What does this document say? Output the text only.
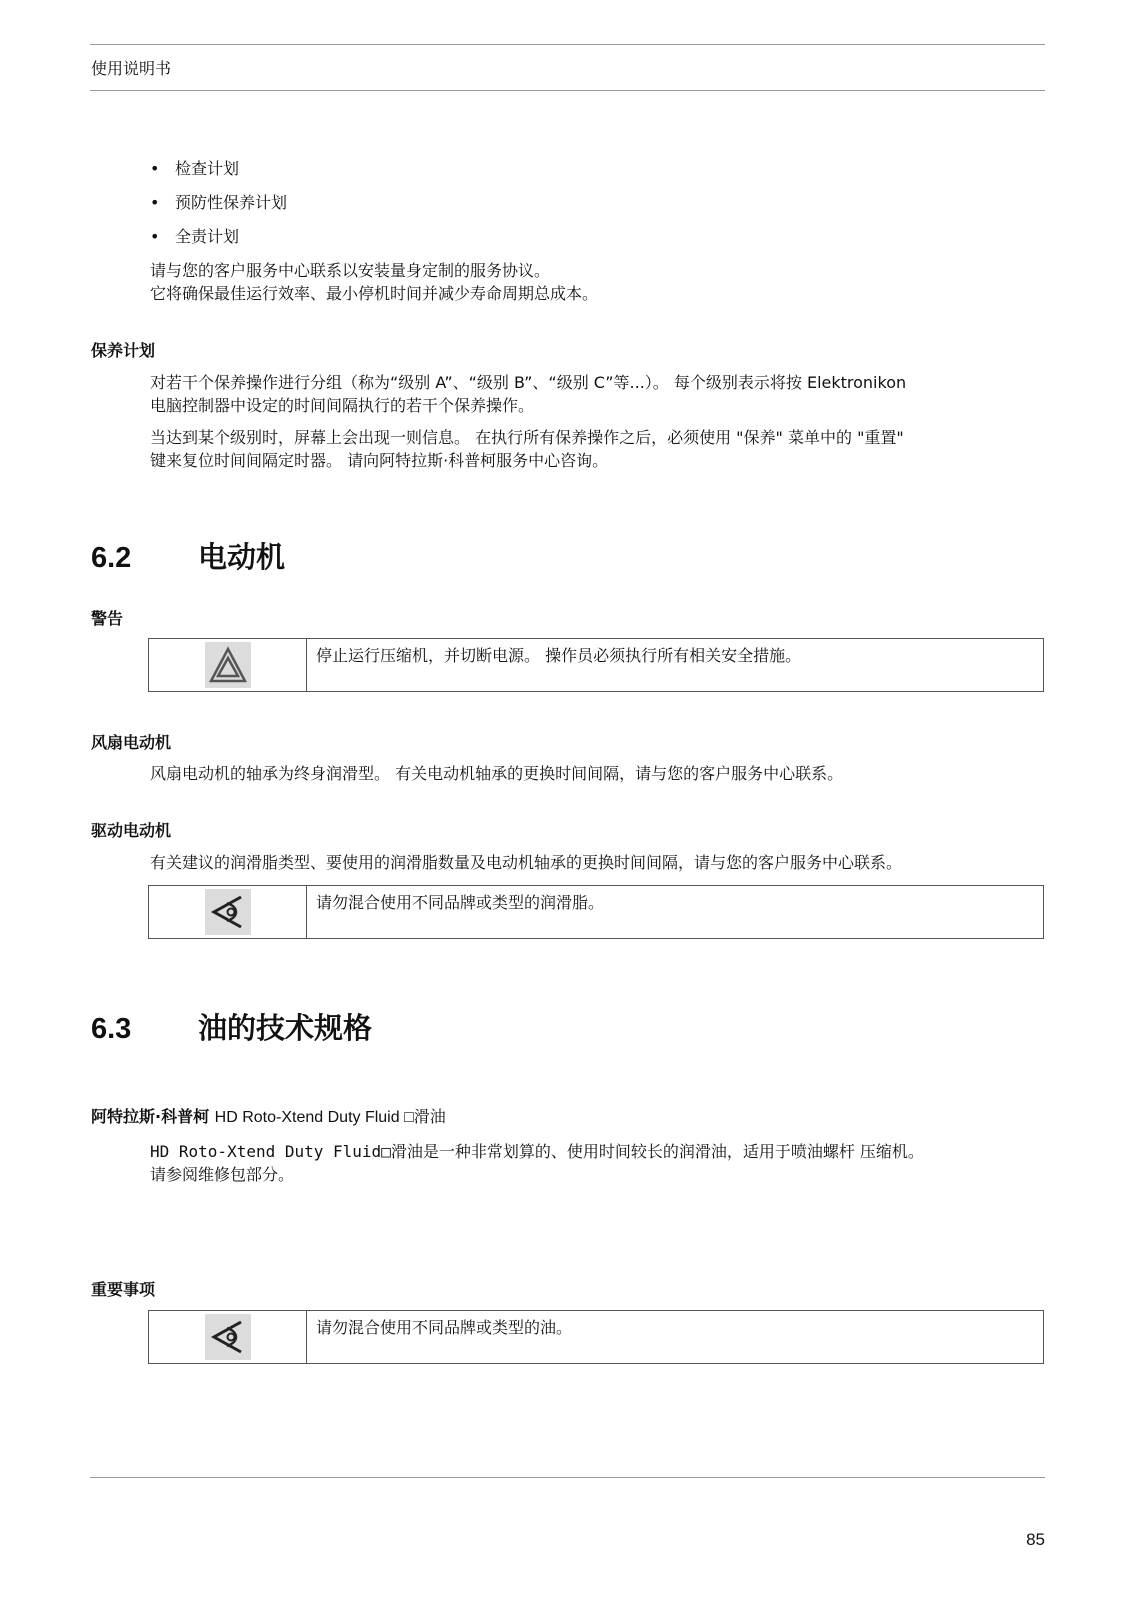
使用说明书
• 检查计划
• 预防性保养计划
• 全责计划

请与您的客户服务中心联系以安装量身定制的服务协议。
它将确保最佳运行效率、最小停机时间并减少寿命周期总成本。

保养计划

对若干个保养操作进行分组（称为“级别 A”、“级别 B”、“级别 C”等...）。 每个级别表示将按 Elektronikon
电脑控制器中设定的时间间隔执行的若干个保养操作。

当达到某个级别时，屏幕上会出现一则信息。 在执行所有保养操作之后，必须使用 "保养" 菜单中的 "重置"
键来复位时间间隔定时器。 请向阿特拉斯·科普柯服务中心咨询。

6.2 电动机
警告
停止运行压缩机，并切断电源。 操作员必须执行所有相关安全措施。
风扇电动机

风扇电动机的轴承为终身润滑型。 有关电动机轴承的更换时间间隔，请与您的客户服务中心联系。

驱动电动机

有关建议的润滑脂类型、要使用的润滑脂数量及电动机轴承的更换时间间隔，请与您的客户服务中心联系。

请勿混合使用不同品牌或类型的润滑脂。
6.3 油的技术规格
阿特拉斯·科普柯 HD Roto-Xtend Duty Fluid □滑油

HD Roto-Xtend Duty Fluid□滑油是一种非常划算的、使用时间较长的润滑油，适用于喷油螺杆 压缩机。
请参阅维修包部分。

重要事项
请勿混合使用不同品牌或类型的油。
85
